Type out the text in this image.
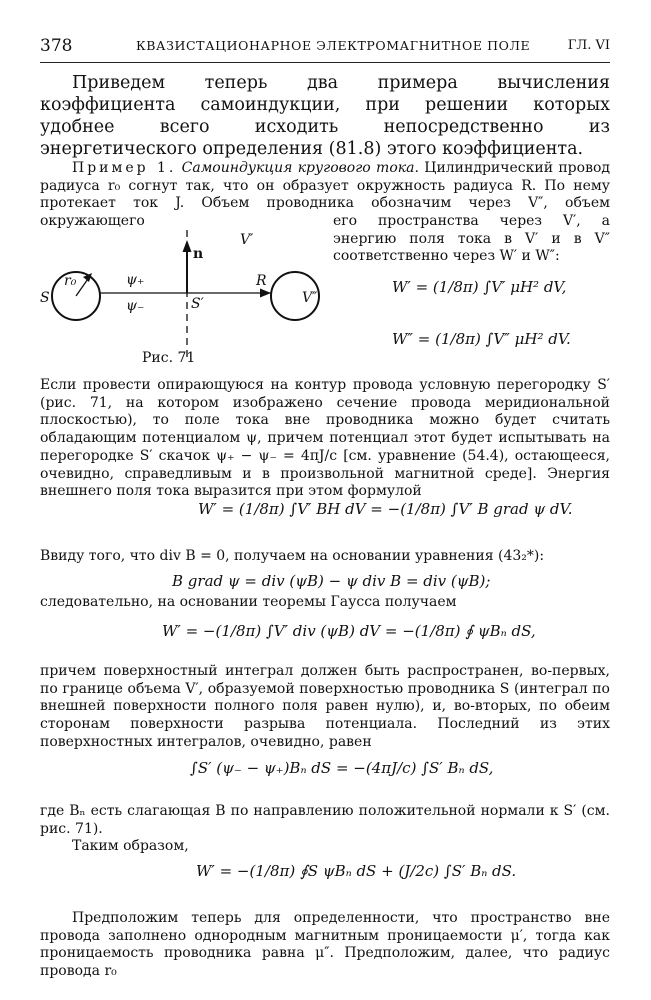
378	КВАЗИСТАЦИОНАРНОЕ ЭЛЕКТРОМАГНИТНОЕ ПОЛЕ	ГЛ. VI
Приведем теперь два примера вычисления коэффициента самоиндукции, при решении которых удобнее всего исходить непосредственно из энергетического определения (81.8) этого коэффициента.

Пример 1. Самоиндукция кругового тока. Цилиндрический провод радиуса r₀ согнут так, что он образует окружность радиуса R. По нему протекает ток J. Объем проводника обозначим через V″, объем окружающего

n
V′
r₀	ψ₊
ψ₋
S	S′
R
V″
Рис. 71

его пространства через V′, а энергию поля тока в V′ и в V″ соответственно через W′ и W″:

W′ = (1/8π) ∫V′ μH² dV,
W″ = (1/8π) ∫V″ μH² dV.

Если провести опирающуюся на контур провода условную перегородку S′ (рис. 71, на котором изображено сечение провода меридиональной плоскостью), то поле тока вне проводника можно будет считать обладающим потенциалом ψ, причем потенциал этот будет испытывать на перегородке S′ скачок ψ₊ − ψ₋ = 4πJ/c [см. уравнение (54.4), остающееся, очевидно, справедливым и в произвольной магнитной среде]. Энергия внешнего поля тока выразится при этом формулой

W′ = (1/8π) ∫V′ BH dV = −(1/8π) ∫V′ B grad ψ dV.

Ввиду того, что div B = 0, получаем на основании уравнения (43₂*):

B grad ψ = div (ψB) − ψ div B = div (ψB);

следовательно, на основании теоремы Гаусса получаем

W′ = −(1/8π) ∫V′ div (ψB) dV = −(1/8π) ∮ ψBₙ dS,

причем поверхностный интеграл должен быть распространен, во-первых, по границе объема V′, образуемой поверхностью проводника S (интеграл по внешней поверхности полного поля равен нулю), и, во-вторых, по обеим сторонам поверхности разрыва потенциала. Последний из этих поверхностных интегралов, очевидно, равен

∫S′ (ψ₋ − ψ₊)Bₙ dS = −(4πJ/c) ∫S′ Bₙ dS,

где Bₙ есть слагающая B по направлению положительной нормали к S′ (см. рис. 71).

Таким образом,

W′ = −(1/8π) ∮S ψBₙ dS + (J/2c) ∫S′ Bₙ dS.

Предположим теперь для определенности, что пространство вне провода заполнено однородным магнитным проницаемости μ′, тогда как проницаемость проводника равна μ″. Предположим, далее, что радиус провода r₀
